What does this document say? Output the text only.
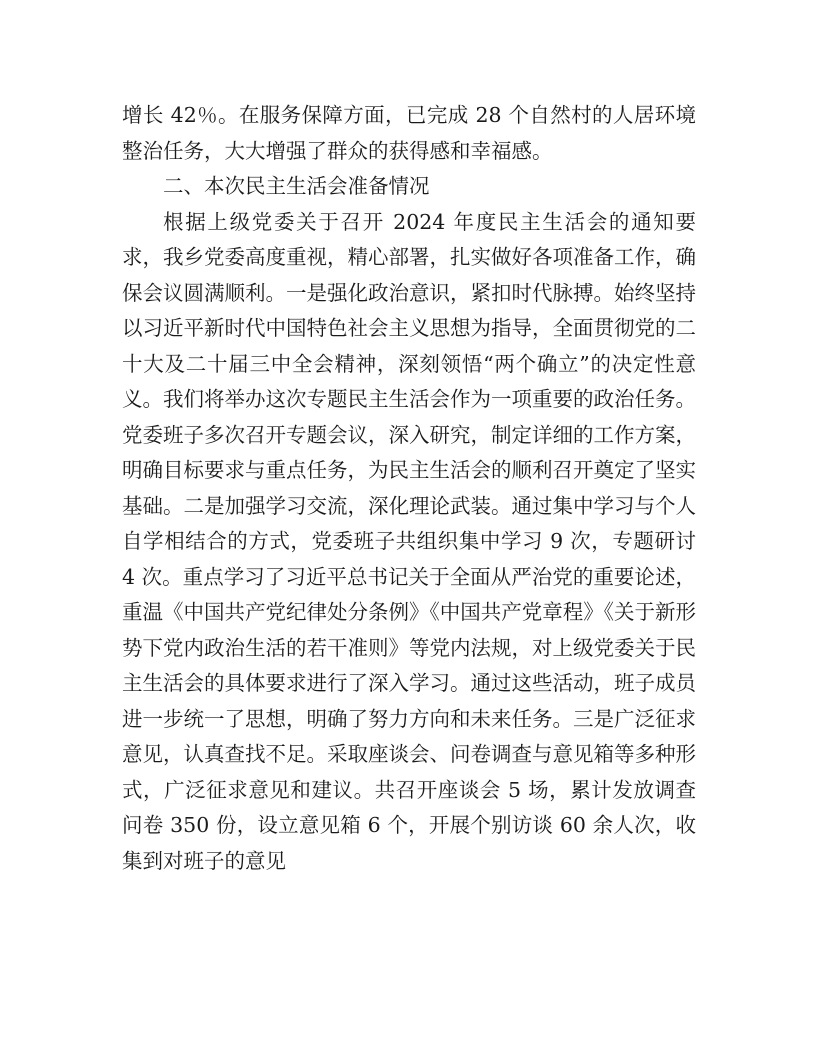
增长 42％。在服务保障方面，已完成 28 个自然村的人居环境整治任务，大大增强了群众的获得感和幸福感。

二、本次民主生活会准备情况

根据上级党委关于召开 2024 年度民主生活会的通知要求，我乡党委高度重视，精心部署，扎实做好各项准备工作，确保会议圆满顺利。一是强化政治意识，紧扣时代脉搏。始终坚持以习近平新时代中国特色社会主义思想为指导，全面贯彻党的二十大及二十届三中全会精神，深刻领悟“两个确立”的决定性意义。我们将举办这次专题民主生活会作为一项重要的政治任务。党委班子多次召开专题会议，深入研究，制定详细的工作方案，明确目标要求与重点任务，为民主生活会的顺利召开奠定了坚实基础。二是加强学习交流，深化理论武装。通过集中学习与个人自学相结合的方式，党委班子共组织集中学习 9 次，专题研讨 4 次。重点学习了习近平总书记关于全面从严治党的重要论述，重温《中国共产党纪律处分条例》《中国共产党章程》《关于新形势下党内政治生活的若干准则》等党内法规，对上级党委关于民主生活会的具体要求进行了深入学习。通过这些活动，班子成员进一步统一了思想，明确了努力方向和未来任务。三是广泛征求意见，认真查找不足。采取座谈会、问卷调查与意见箱等多种形式，广泛征求意见和建议。共召开座谈会 5 场，累计发放调查问卷 350 份，设立意见箱 6 个，开展个别访谈 60 余人次，收集到对班子的意见
